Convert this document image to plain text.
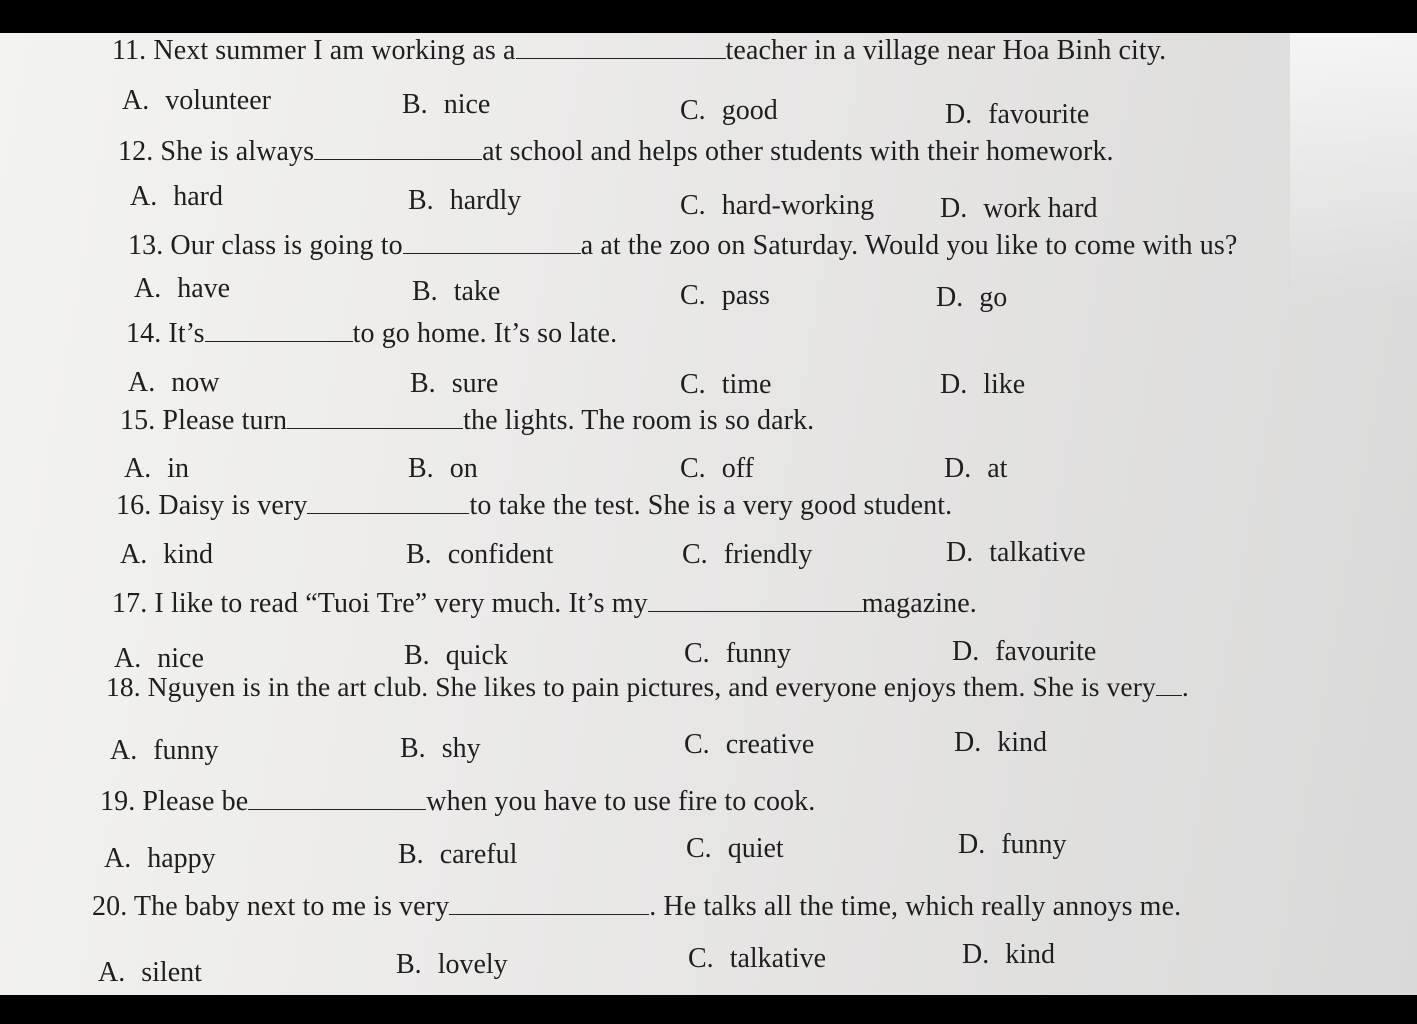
11. Next summer I am working as a	teacher in a village near Hoa Binh city.
A. volunteer	B. nice	C. good	D. favourite
12. She is always	at school and helps other students with their homework.
A. hard	B. hardly	C. hard-working D. work hard
13. Our class is going to	a at the zoo on Saturday. Would you like to come with us?
A. have	B. take	C. pass	D. go
14. It’s	to go home. It’s so late.
A. now	B. sure	C. time	D. like
15. Please turn	the lights. The room is so dark.
A. in	B. on	C. off	D. at
16. Daisy is very	to take the test. She is a very good student.
A. kind	B. confident	C. friendly	D. talkative
17. I like to read “Tuoi Tre” very much. It’s my	magazine.
A. nice	B. quick	C. funny	D. favourite
18. Nguyen is in the art club. She likes to pain pictures, and everyone enjoys them. She is very .
A. funny	B. shy	C. creative	D. kind
19. Please be	when you have to use fire to cook.
A. happy	B. careful	C. quiet	D. funny
20. The baby next to me is very	. He talks all the time, which really annoys me.
A. silent	B. lovely	C. talkative	D. kind
